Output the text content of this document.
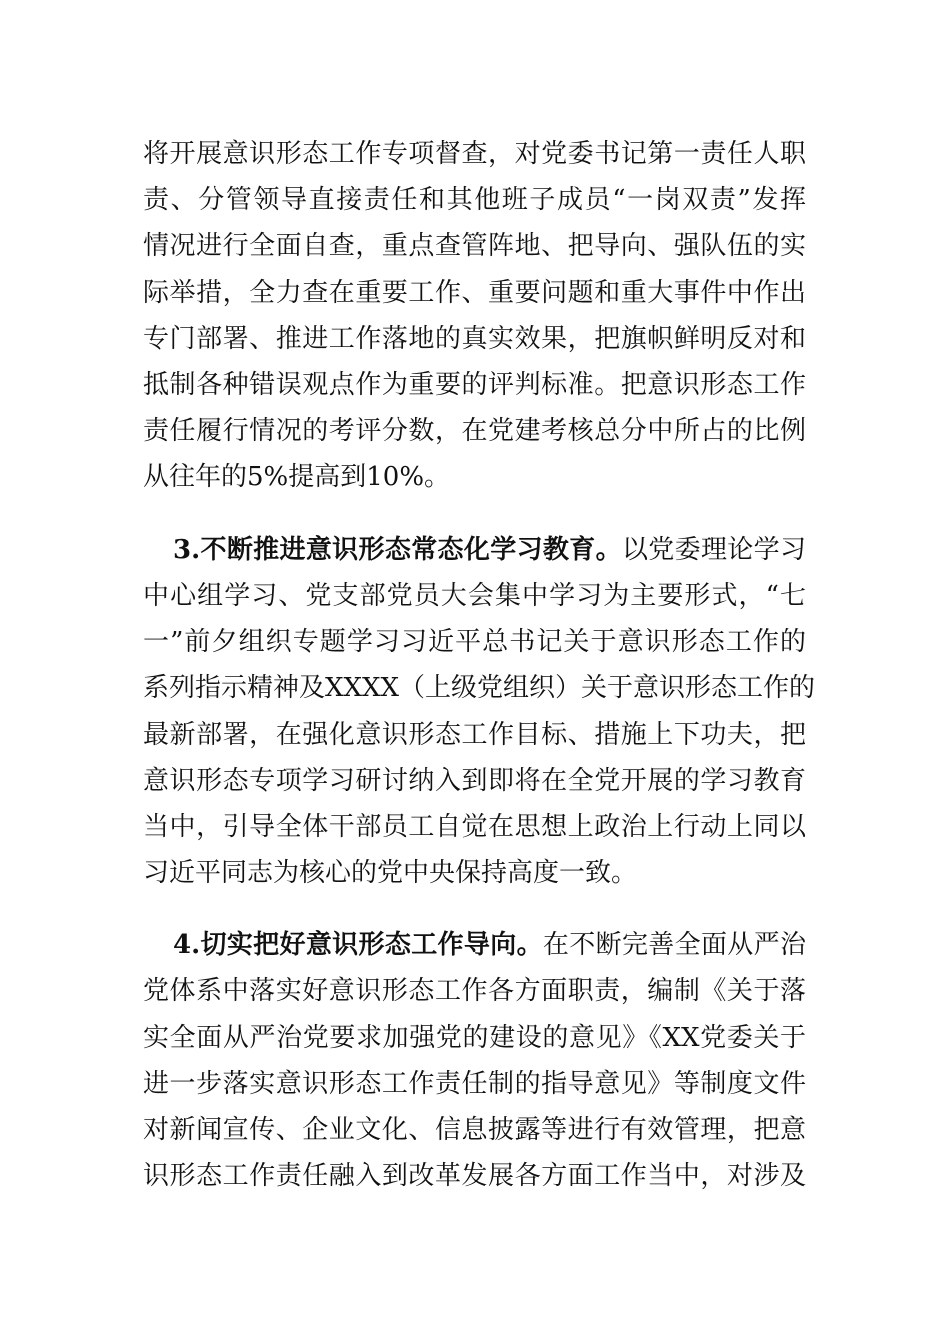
将开展意识形态工作专项督查，对党委书记第一责任人职
责、分管领导直接责任和其他班子成员“一岗双责”发挥
情况进行全面自查，重点查管阵地、把导向、强队伍的实
际举措，全力查在重要工作、重要问题和重大事件中作出
专门部署、推进工作落地的真实效果，把旗帜鲜明反对和
抵制各种错误观点作为重要的评判标准。把意识形态工作
责任履行情况的考评分数，在党建考核总分中所占的比例
从往年的5%提高到10%。
3.不断推进意识形态常态化学习教育。以党委理论学习
中心组学习、党支部党员大会集中学习为主要形式，“七
一”前夕组织专题学习习近平总书记关于意识形态工作的
系列指示精神及XXXX（上级党组织）关于意识形态工作的
最新部署，在强化意识形态工作目标、措施上下功夫，把
意识形态专项学习研讨纳入到即将在全党开展的学习教育
当中，引导全体干部员工自觉在思想上政治上行动上同以
习近平同志为核心的党中央保持高度一致。
4.切实把好意识形态工作导向。在不断完善全面从严治
党体系中落实好意识形态工作各方面职责，编制《关于落
实全面从严治党要求加强党的建设的意见》《XX党委关于
进一步落实意识形态工作责任制的指导意见》等制度文件
对新闻宣传、企业文化、信息披露等进行有效管理，把意
识形态工作责任融入到改革发展各方面工作当中，对涉及
